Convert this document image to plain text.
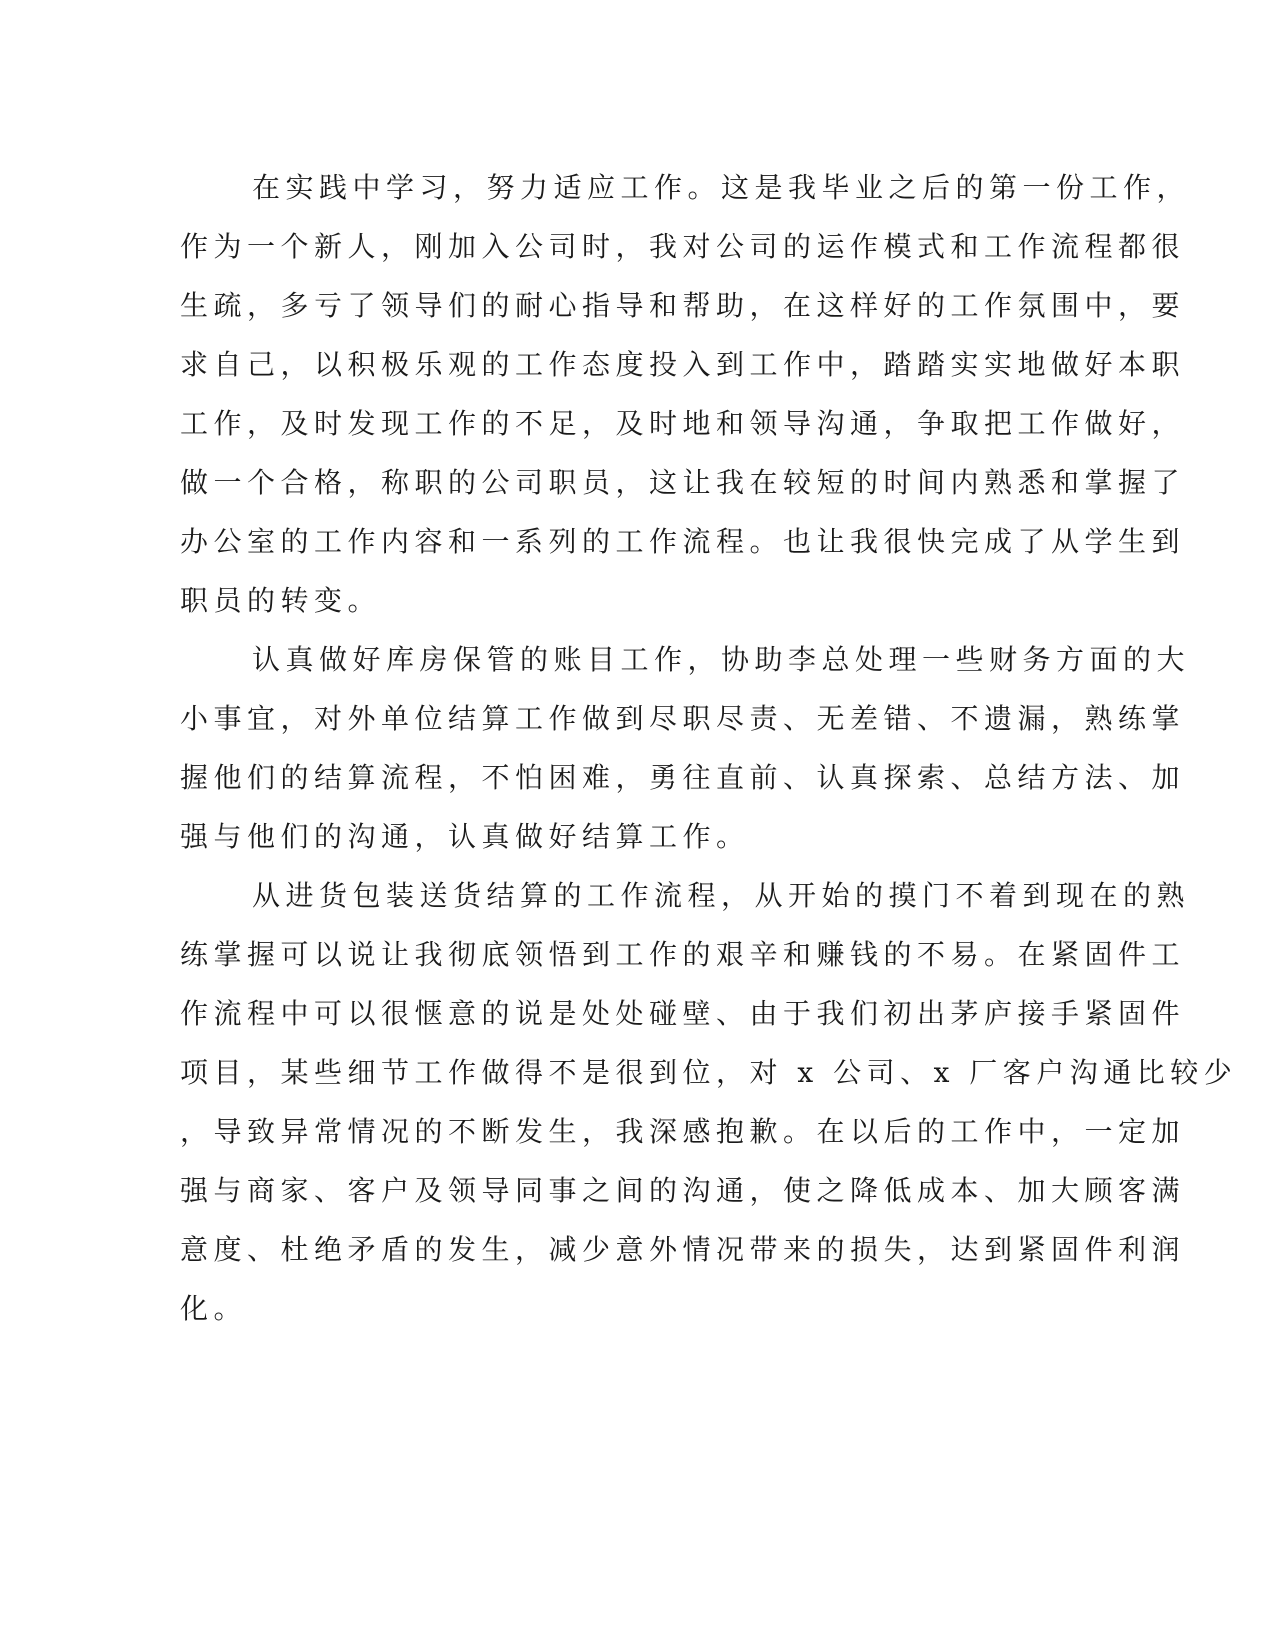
在实践中学习，努力适应工作。这是我毕业之后的第一份工作，
作为一个新人，刚加入公司时，我对公司的运作模式和工作流程都很
生疏，多亏了领导们的耐心指导和帮助，在这样好的工作氛围中，要
求自己，以积极乐观的工作态度投入到工作中，踏踏实实地做好本职
工作，及时发现工作的不足，及时地和领导沟通，争取把工作做好，
做一个合格，称职的公司职员，这让我在较短的时间内熟悉和掌握了
办公室的工作内容和一系列的工作流程。也让我很快完成了从学生到
职员的转变。
认真做好库房保管的账目工作，协助李总处理一些财务方面的大
小事宜，对外单位结算工作做到尽职尽责、无差错、不遗漏，熟练掌
握他们的结算流程，不怕困难，勇往直前、认真探索、总结方法、加
强与他们的沟通，认真做好结算工作。
从进货包装送货结算的工作流程，从开始的摸门不着到现在的熟
练掌握可以说让我彻底领悟到工作的艰辛和赚钱的不易。在紧固件工
作流程中可以很惬意的说是处处碰壁、由于我们初出茅庐接手紧固件
项目，某些细节工作做得不是很到位，对 x 公司、x 厂客户沟通比较少
，导致异常情况的不断发生，我深感抱歉。在以后的工作中，一定加
强与商家、客户及领导同事之间的沟通，使之降低成本、加大顾客满
意度、杜绝矛盾的发生，减少意外情况带来的损失，达到紧固件利润
化。
